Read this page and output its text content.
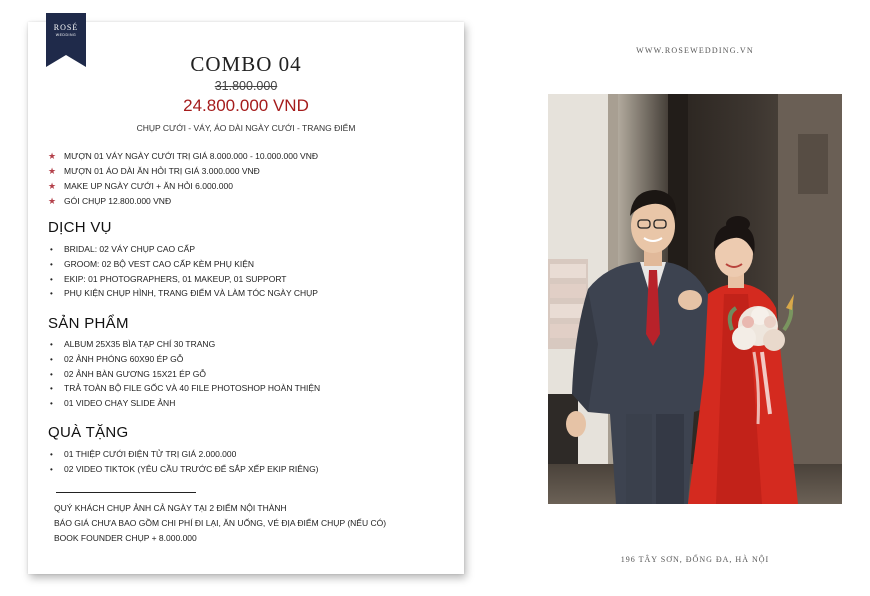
ROSÉ
WEDDING
COMBO 04
31.800.000
24.800.000 VND
CHỤP CƯỚI - VÁY, ÁO DÀI NGÀY CƯỚI - TRANG ĐIỂM
★ MƯỢN 01 VÁY NGÀY CƯỚI TRỊ GIÁ 8.000.000 - 10.000.000 VNĐ
★ MƯỢN 01 ÁO DÀI ĂN HỎI TRỊ GIÁ 3.000.000 VNĐ
★ MAKE UP NGÀY CƯỚI + ĂN HỎI 6.000.000
★ GÓI CHỤP 12.800.000 VNĐ
DỊCH VỤ
• BRIDAL: 02 VÁY CHỤP CAO CẤP
• GROOM: 02 BỘ VEST CAO CẤP KÈM PHỤ KIỆN
• EKIP: 01 PHOTOGRAPHERS, 01 MAKEUP, 01 SUPPORT
• PHỤ KIỆN CHỤP HÌNH, TRANG ĐIỂM VÀ LÀM TÓC NGÀY CHỤP
SẢN PHẨM
• ALBUM 25X35 BÌA TẠP CHÍ 30 TRANG
• 02 ẢNH PHÓNG 60X90 ÉP GỖ
• 02 ẢNH BÀN GƯƠNG 15X21 ÉP GỖ
• TRẢ TOÀN BỘ FILE GỐC VÀ 40 FILE PHOTOSHOP HOÀN THIỆN
• 01 VIDEO CHẠY SLIDE ẢNH
QUÀ TẶNG
• 01 THIỆP CƯỚI ĐIỆN TỬ TRỊ GIÁ 2.000.000
• 02 VIDEO TIKTOK (YÊU CẦU TRƯỚC ĐỂ SẮP XẾP EKIP RIÊNG)
QUÝ KHÁCH CHỤP ẢNH CẢ NGÀY TẠI 2 ĐIỂM NỘI THÀNH
BÁO GIÁ CHƯA BAO GỒM CHI PHÍ ĐI LẠI, ĂN UỐNG, VÉ ĐỊA ĐIỂM CHỤP (NẾU CÓ)
BOOK FOUNDER CHỤP + 8.000.000
WWW.ROSEWEDDING.VN
196 TÂY SƠN, ĐỐNG ĐA, HÀ NỘI
